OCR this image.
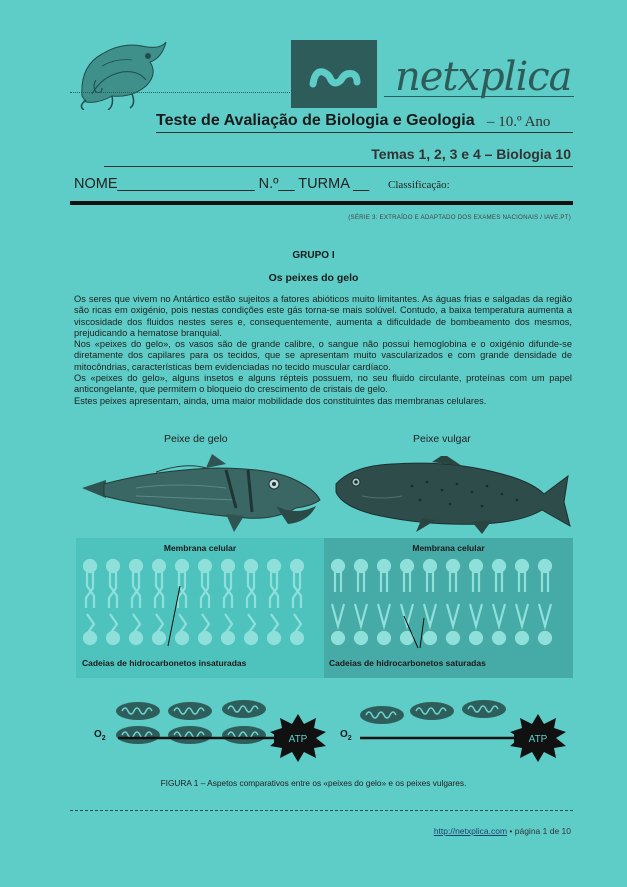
netxplica
Teste de Avaliação de Biologia e Geologia – 10.º Ano
Temas 1, 2, 3 e 4 – Biologia 10
NOME_________________ N.º__ TURMA __ Classificação:
(SÉRIE 3: EXTRAÍDO E ADAPTADO DOS EXAMES NACIONAIS / IAVE.PT)
GRUPO I
Os peixes do gelo

Os seres que vivem no Antártico estão sujeitos a fatores abióticos muito limitantes. As águas frias e salgadas da região são ricas em oxigénio, pois nestas condições este gás torna-se mais solúvel. Contudo, a baixa temperatura aumenta a viscosidade dos fluidos nestes seres e, consequentemente, aumenta a dificuldade de bombeamento dos mesmos, prejudicando a hematose branquial.

Nos «peixes do gelo», os vasos são de grande calibre, o sangue não possui hemoglobina e o oxigénio difunde-se diretamente dos capilares para os tecidos, que se apresentam muito vascularizados e com grande densidade de mitocôndrias, características bem evidenciadas no tecido muscular cardíaco.

Os «peixes do gelo», alguns insetos e alguns répteis possuem, no seu fluido circulante, proteínas com um papel anticongelante, que permitem o bloqueio do crescimento de cristais de gelo.

Estes peixes apresentam, ainda, uma maior mobilidade dos constituintes das membranas celulares.

Peixe de gelo	Peixe vulgar
Membrana celular	Membrana celular
Cadeias de hidrocarbonetos insaturadas	Cadeias de hidrocarbonetos saturadas
ATP	ATP
$O_2$	$O_2$
FIGURA 1 – Aspetos comparativos entre os «peixes do gelo» e os peixes vulgares.
http://netxplica.com • página 1 de 10
